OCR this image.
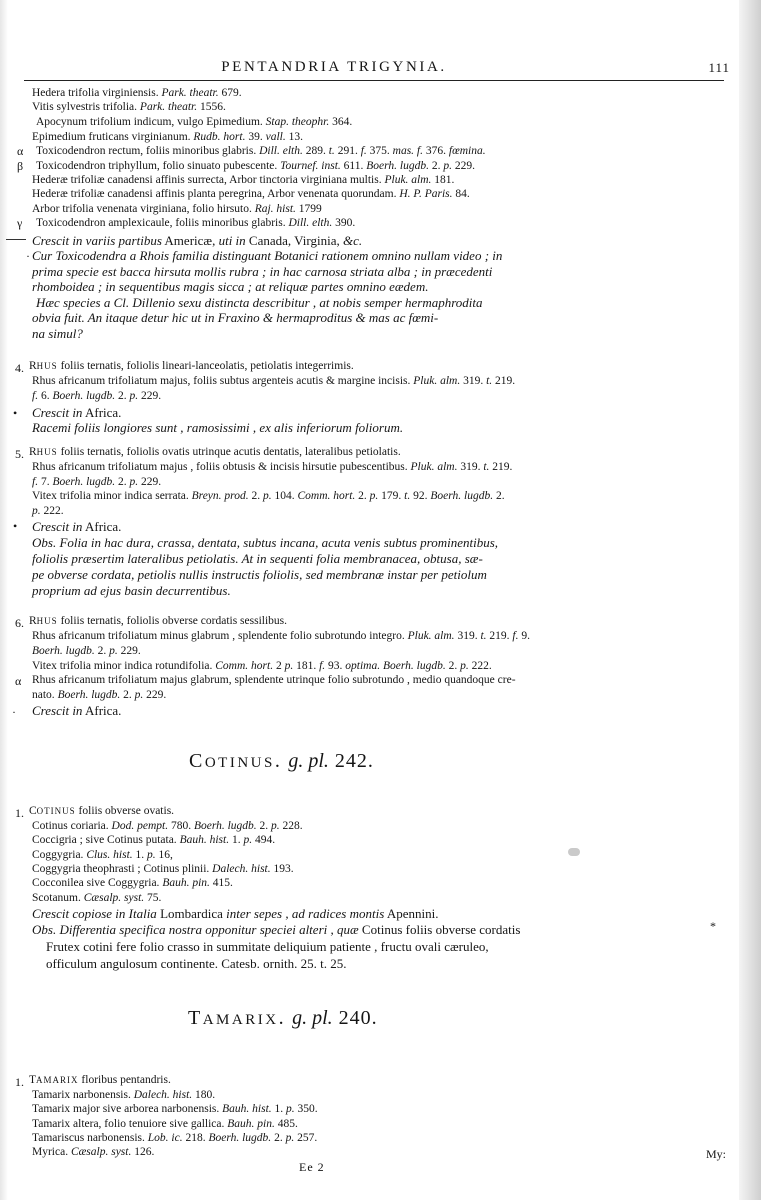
PENTANDRIA TRIGYNIA.	111
Hedera trifolia virginiensis. Park. theatr. 679.
Vitis sylvestris trifolia. Park. theatr. 1556.
Apocynum trifolium indicum, vulgo Epimedium. Stap. theophr. 364.
Epimedium fruticans virginianum. Rudb. hort. 39. vall. 13.
Toxicodendron rectum, foliis minoribus glabris. Dill. elth. 289. t. 291. f. 375. mas. f. 376. fœmina.
α
Toxicodendron triphyllum, folio sinuato pubescente. Tournef. inst. 611. Boerh. lugdb. 2. p. 229.
β
Hederæ trifoliæ canadensi affinis surrecta, Arbor tinctoria virginiana multis. Pluk. alm. 181.
Hederæ trifoliæ canadensi affinis planta peregrina, Arbor venenata quorundam. H. P. Paris. 84.
Arbor trifolia venenata virginiana, folio hirsuto. Raj. hist. 1799
Toxicodendron amplexicaule, foliis minoribus glabris. Dill. elth. 390.
γ
·
Crescit in variis partibus Americæ, uti in Canada, Virginia, &c.
Cur Toxicodendra a Rhois familia distinguant Botanici rationem omnino nullam video ; in
prima specie est bacca hirsuta mollis rubra ; in hac carnosa striata alba ; in præcedenti
rhomboidea ; in sequentibus magis sicca ; at reliquæ partes omnino eædem.
Hæc species a Cl. Dillenio sexu distincta describitur , at nobis semper hermaphrodita
obvia fuit. An itaque detur hic ut in Fraxino & hermaproditus & mas ac fœmi-
na simul?
4. RHUS foliis ternatis, foliolis lineari-lanceolatis, petiolatis integerrimis.
Rhus africanum trifoliatum majus, foliis subtus argenteis acutis & margine incisis. Pluk. alm. 319. t. 219.
f. 6. Boerh. lugdb. 2. p. 229.
Crescit in Africa.
Racemi foliis longiores sunt , ramosissimi , ex alis inferiorum foliorum.
•
5. RHUS foliis ternatis, foliolis ovatis utrinque acutis dentatis, lateralibus petiolatis.
Rhus africanum trifoliatum majus , foliis obtusis & incisis hirsutie pubescentibus. Pluk. alm. 319. t. 219.
f. 7. Boerh. lugdb. 2. p. 229.
Vitex trifolia minor indica serrata. Breyn. prod. 2. p. 104. Comm. hort. 2. p. 179. t. 92. Boerh. lugdb. 2.
p. 222.
Crescit in Africa.
Obs. Folia in hac dura, crassa, dentata, subtus incana, acuta venis subtus prominentibus,
foliolis præsertim lateralibus petiolatis. At in sequenti folia membranacea, obtusa, sæ-
pe obverse cordata, petiolis nullis instructis foliolis, sed membranæ instar per petiolum
proprium ad ejus basin decurrentibus.
•
6. RHUS foliis ternatis, foliolis obverse cordatis sessilibus.
Rhus africanum trifoliatum minus glabrum , splendente folio subrotundo integro. Pluk. alm. 319. t. 219. f. 9.
Boerh. lugdb. 2. p. 229.
Vitex trifolia minor indica rotundifolia. Comm. hort. 2 p. 181. f. 93. optima. Boerh. lugdb. 2. p. 222.
Rhus africanum trifoliatum majus glabrum, splendente utrinque folio subrotundo , medio quandoque cre-
nato. Boerh. lugdb. 2. p. 229.
Crescit in Africa.
α
·
COTINUS. g. pl. 242.
1. COTINUS foliis obverse ovatis.
Cotinus coriaria. Dod. pempt. 780. Boerh. lugdb. 2. p. 228.
Coccigria ; sive Cotinus putata. Bauh. hist. 1. p. 494.
Coggygria. Clus. hist. 1. p. 16,
Coggygria theophrasti ; Cotinus plinii. Dalech. hist. 193.
Cocconilea sive Coggygria. Bauh. pin. 415.
Scotanum. Cæsalp. syst. 75.
Crescit copiose in Italia Lombardica inter sepes , ad radices montis Apennini.
Obs. Differentia specifica nostra opponitur speciei alteri , quæ Cotinus foliis obverse cordatis
Frutex cotini fere folio crasso in summitate deliquium patiente , fructu ovali cæruleo,
officulum angulosum continente. Catesb. ornith. 25. t. 25.
*
TAMARIX. g. pl. 240.
1. TAMARIX floribus pentandris.
Tamarix narbonensis. Dalech. hist. 180.
Tamarix major sive arborea narbonensis. Bauh. hist. 1. p. 350.
Tamarix altera, folio tenuiore sive gallica. Bauh. pin. 485.
Tamariscus narbonensis. Lob. ic. 218. Boerh. lugdb. 2. p. 257.
Myrica. Cæsalp. syst. 126.
Ee 2
My:
